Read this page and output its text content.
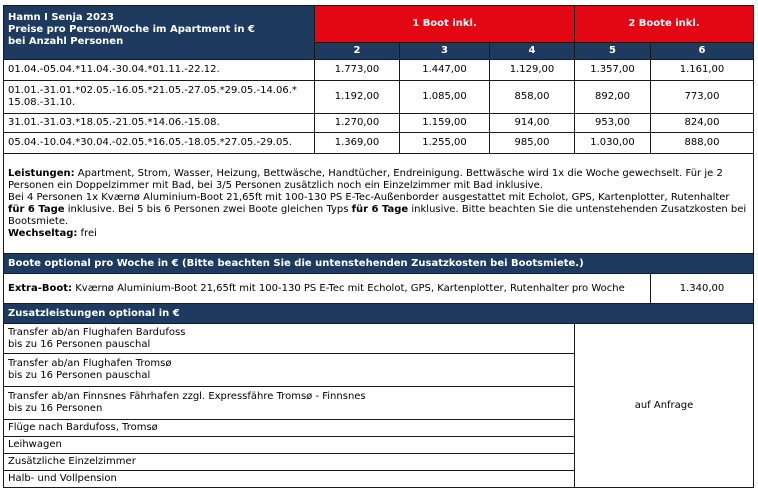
Hamn I Senja 2023
Preise pro Person/Woche im Apartment in €
bei Anzahl Personen	1 Boot inkl.			2 Boote inkl.	
	2	3	4	5	6
01.04.-05.04.*11.04.-30.04.*01.11.-22.12.	1.773,00	1.447,00	1.129,00	1.357,00	1.161,00
01.01.-31.01.*02.05.-16.05.*21.05.-27.05.*29.05.-14.06.* 15.08.-31.10.	1.192,00	1.085,00	858,00	892,00	773,00
31.01.-31.03.*18.05.-21.05.*14.06.-15.08.	1.270,00	1.159,00	914,00	953,00	824,00
05.04.-10.04.*30.04.-02.05.*16.05.-18.05.*27.05.-29.05.	1.369,00	1.255,00	985,00	1.030,00	888,00

Leistungen: Apartment, Strom, Wasser, Heizung, Bettwäsche, Handtücher, Endreinigung. Bettwäsche wird 1x die Woche gewechselt. Für je 2 Personen ein Doppelzimmer mit Bad, bei 3/5 Personen zusätzlich noch ein Einzelzimmer mit Bad inklusive.
Bei 4 Personen 1x Kværnø Aluminium-Boot 21,65ft mit 100-130 PS E-Tec-Außenborder ausgestattet mit Echolot, GPS, Kartenplotter, Rutenhalter für 6 Tage inklusive. Bei 5 bis 6 Personen zwei Boote gleichen Typs für 6 Tage inklusive. Bitte beachten Sie die untenstehenden Zusatzkosten bei Bootsmiete.
Wechseltag: frei					

Boote optional pro Woche in € (Bitte beachten Sie die untenstehenden Zusatzkosten bei Bootsmiete.)					
Extra-Boot: Kværnø Aluminium-Boot 21,65ft mit 100-130 PS E-Tec mit Echolot, GPS, Kartenplotter, Rutenhalter pro Woche					1.340,00
Zusatzleistungen optional in €					

Transfer ab/an Flughafen Bardufoss
bis zu 16 Personen pauschal				auf Anfrage	

Transfer ab/an Flughafen Tromsø
bis zu 16 Personen pauschal					

Transfer ab/an Finnsnes Fährhafen zzgl. Expressfähre Tromsø - Finnsnes
bis zu 16 Personen					

Flüge nach Bardufoss, Tromsø					
Leihwagen					
Zusätzliche Einzelzimmer					
Halb- und Vollpension					
